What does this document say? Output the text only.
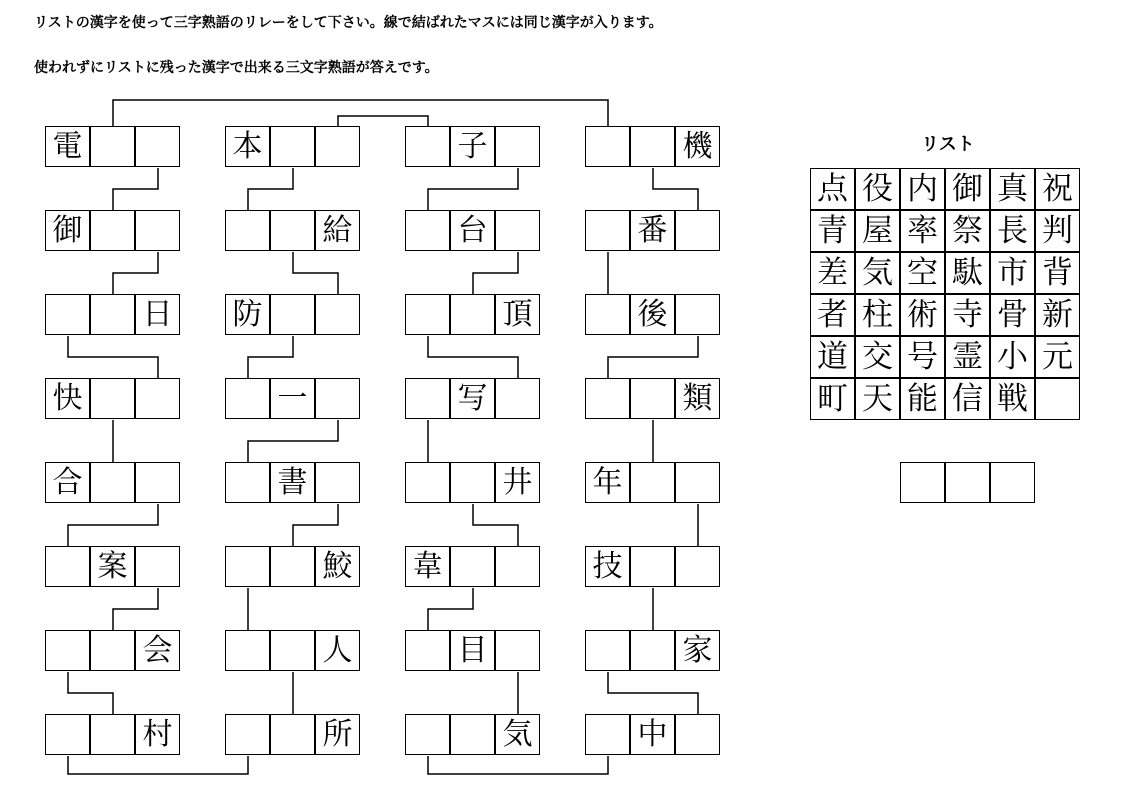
リストの漢字を使って三字熟語のリレーをして下さい。線で結ばれたマスには同じ漢字が入ります。
使われずにリストに残った漢字で出来る三文字熟語が答えです。
電
御
日
快
合
案
会
村
本
給
防
一
書
鮫
人
所
子
台
頂
写
井
韋
目
気
機
番
後
類
年
技
家
中
リスト
点 役 内 御 真 祝
青 屋 率 祭 長 判
差 気 空 駄 市 背
者 柱 術 寺 骨 新
道 交 号 霊 小 元
町 天 能 信 戦
